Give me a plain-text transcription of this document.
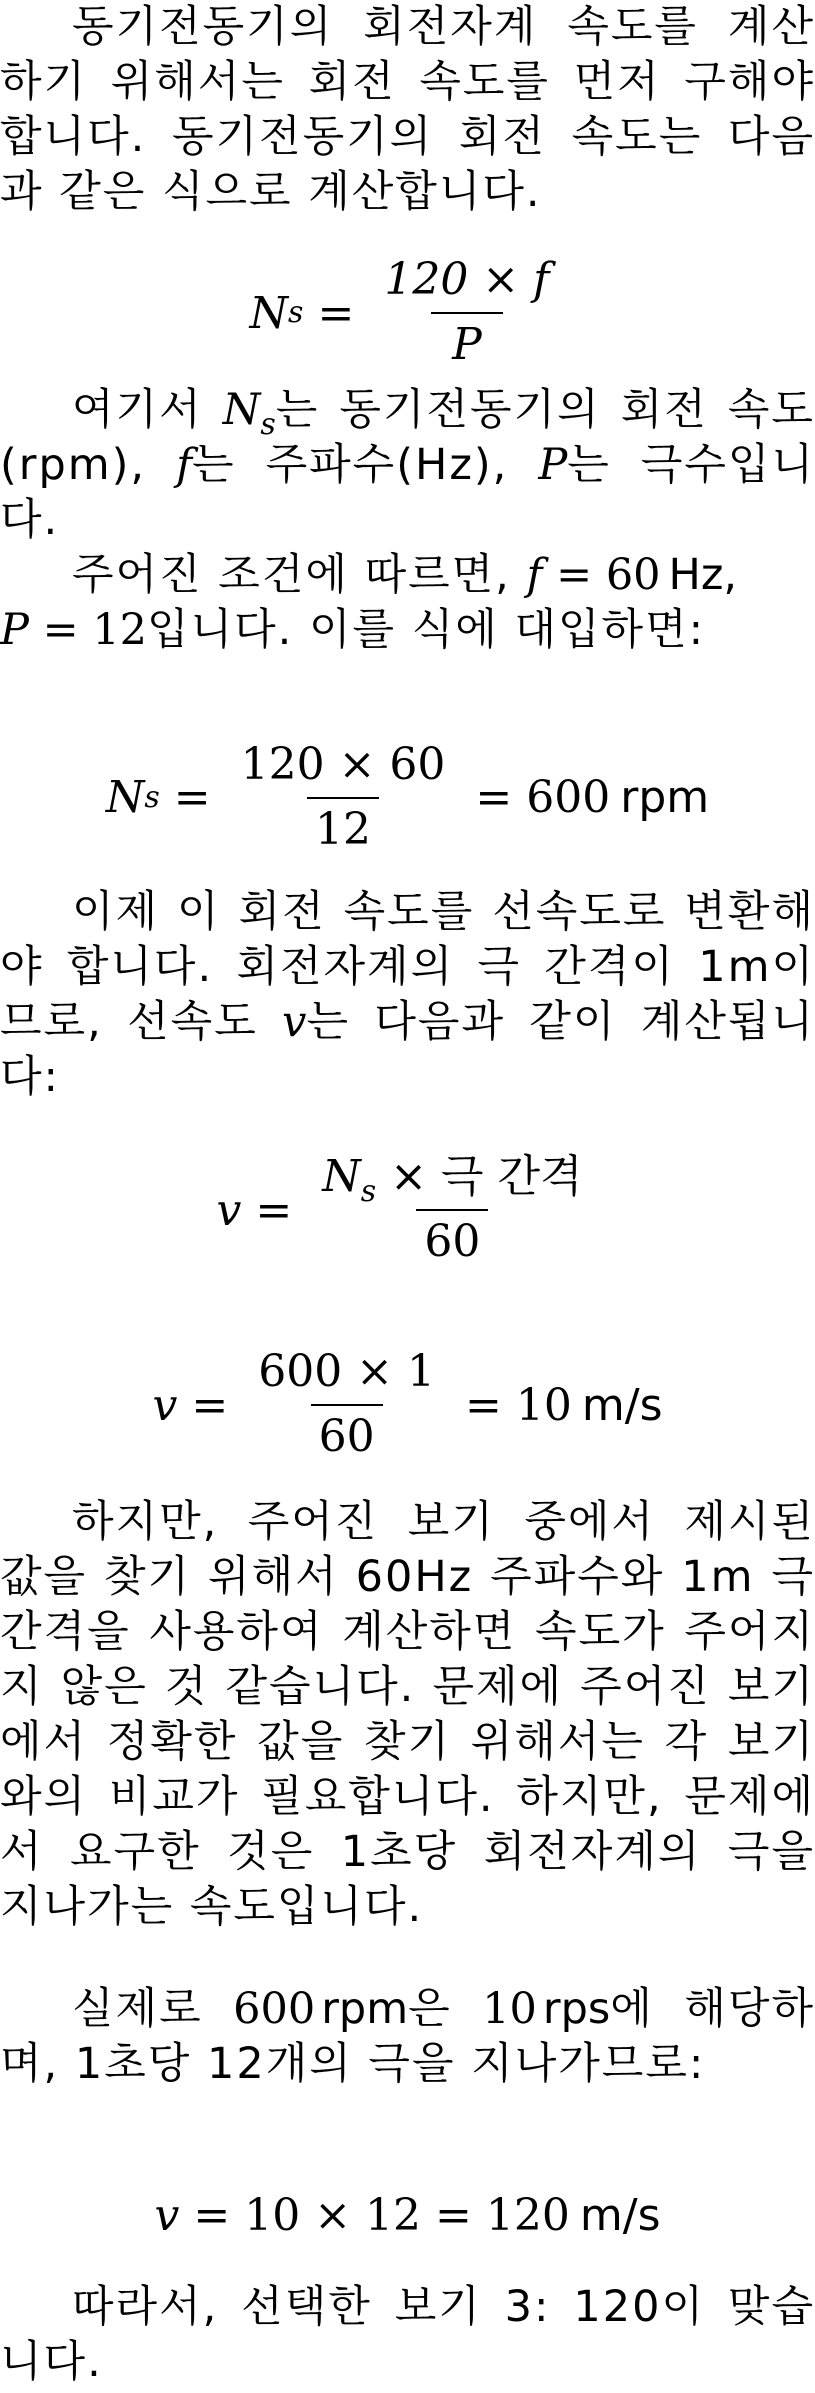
동기전동기의 회전자계 속도를 계산하기 위해서는 회전 속도를 먼저 구해야 합니다. 동기전동기의 회전 속도는 다음과 같은 식으로 계산합니다.

N $s = \frac{120 \times f}{P}$

여기서 $N_s$는 동기전동기의 회전 속도(rpm), f는 주파수(Hz), P는 극수입니다.

주어진 조건에 따르면, f = 60 Hz,
P = 12입니다. 이를 식에 대입하면:

N $s = \frac{120 \times 60}{12} = 600$ rpm

이제 이 회전 속도를 선속도로 변환해야 합니다. 회전자계의 극 간격이 1m이므로, 선속도 v는 다음과 같이 계산됩니다:

$v = \frac{N_s \times 극 간격}{60}$
$v = \frac{600 \times 1}{60} = 10$ m/s

하지만, 주어진 보기 중에서 제시된 값을 찾기 위해서 60Hz 주파수와 1m 극 간격을 사용하여 계산하면 속도가 주어지지 않은 것 같습니다. 문제에 주어진 보기에서 정확한 값을 찾기 위해서는 각 보기와의 비교가 필요합니다. 하지만, 문제에서 요구한 것은 1초당 회전자계의 극을 지나가는 속도입니다.

실제로 600 rpm은 10 rps에 해당하며, 1초당 12개의 극을 지나가므로:

v = 10 × 12 = 120 m/s

따라서, 선택한 보기 3: 120이 맞습니다.
